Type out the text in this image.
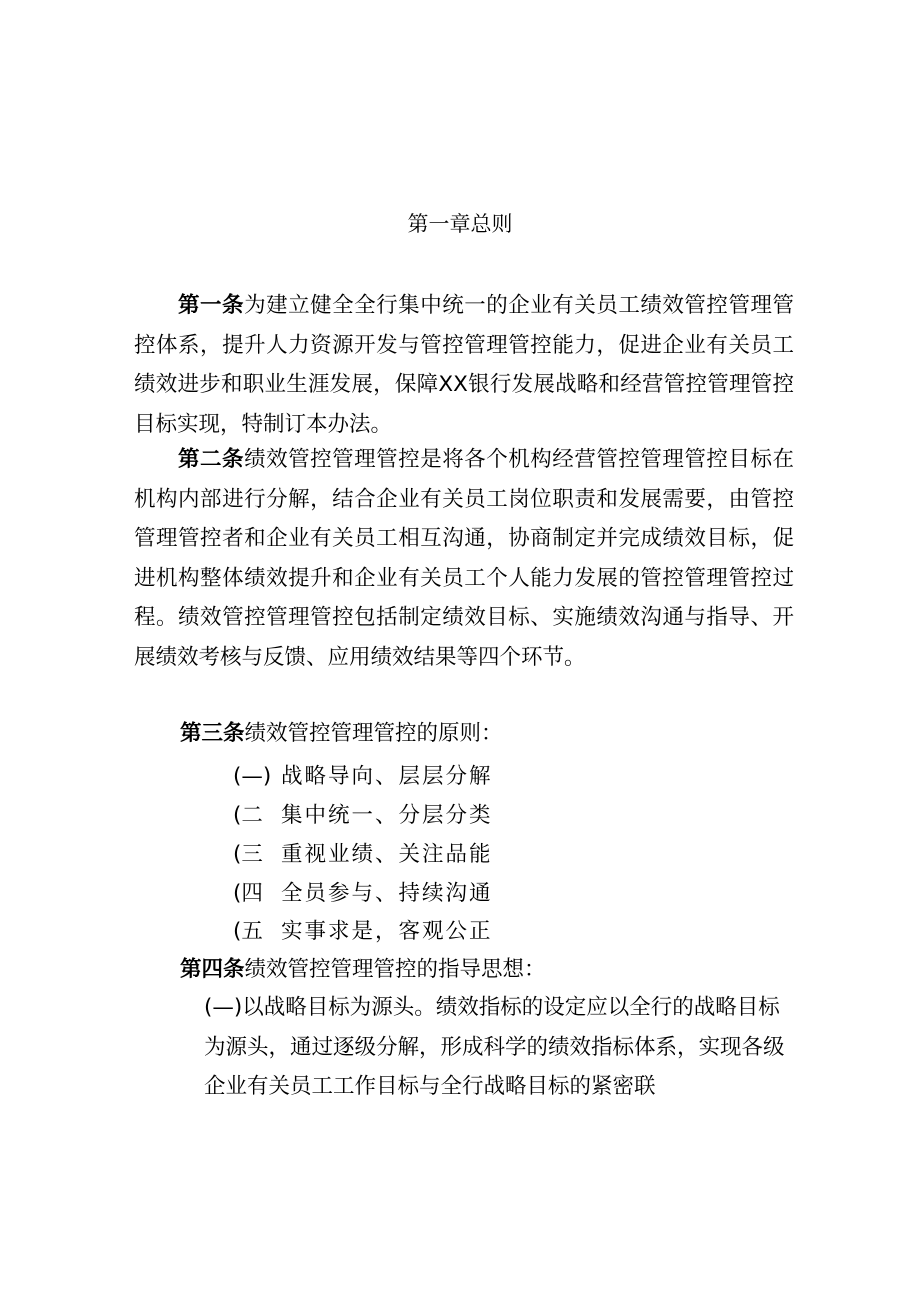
第一章总则

第一条为建立健全全行集中统一的企业有关员工绩效管控管理管控体系，提升人力资源开发与管控管理管控能力，促进企业有关员工绩效进步和职业生涯发展，保障XX银行发展战略和经营管控管理管控目标实现，特制订本办法。

第二条绩效管控管理管控是将各个机构经营管控管理管控目标在机构内部进行分解，结合企业有关员工岗位职责和发展需要，由管控管理管控者和企业有关员工相互沟通，协商制定并完成绩效目标，促进机构整体绩效提升和企业有关员工个人能力发展的管控管理管控过程。绩效管控管理管控包括制定绩效目标、实施绩效沟通与指导、开展绩效考核与反馈、应用绩效结果等四个环节。

第三条绩效管控管理管控的原则：
(—) 战略导向、层层分解
(二 集中统一、分层分类
(三 重视业绩、关注品能
(四 全员参与、持续沟通
(五 实事求是，客观公正
第四条绩效管控管理管控的指导思想：

(—)以战略目标为源头。绩效指标的设定应以全行的战略目标为源头，通过逐级分解，形成科学的绩效指标体系，实现各级企业有关员工工作目标与全行战略目标的紧密联
